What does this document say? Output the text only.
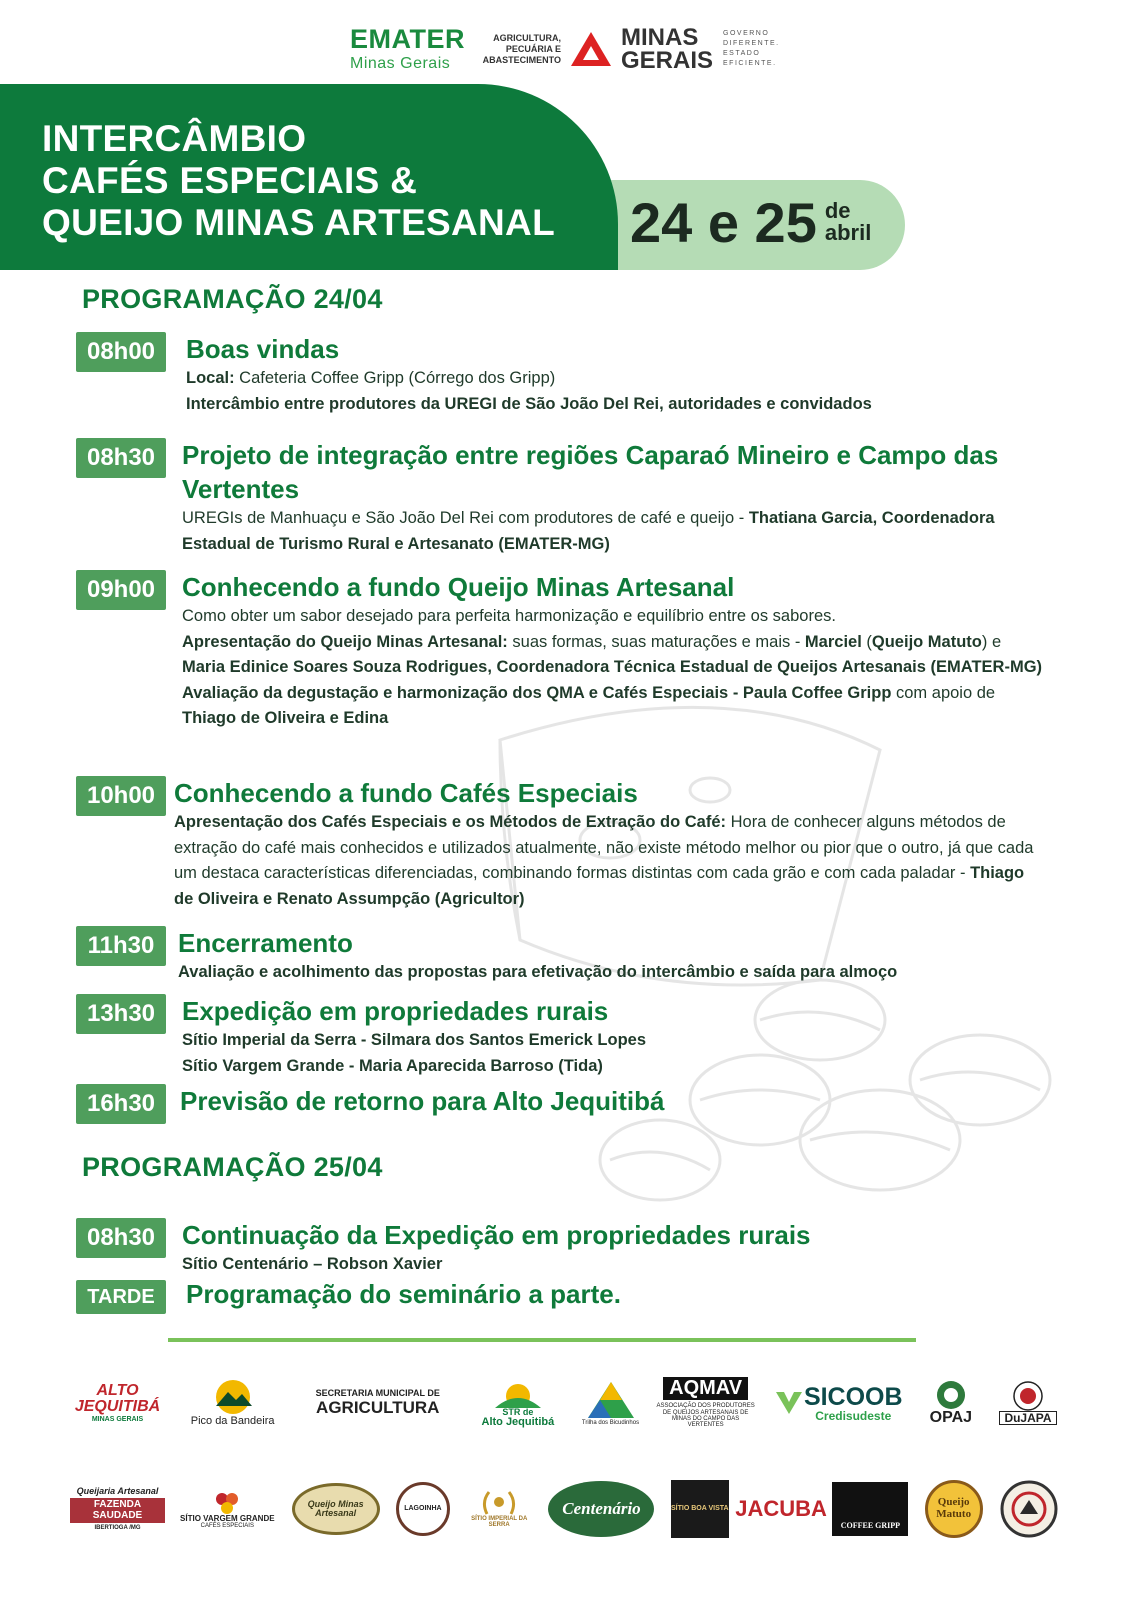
EMATER
Minas Gerais
AGRICULTURA,
PECUÁRIA E
ABASTECIMENTO
MINAS
GERAIS
GOVERNO
DIFERENTE.
ESTADO
EFICIENTE.
24 e 25 de
abril
INTERCÂMBIO
CAFÉS ESPECIAIS &
QUEIJO MINAS ARTESANAL
PROGRAMAÇÃO 24/04
08h00	Boas vindas
Local: Cafeteria Coffee Gripp (Córrego dos Gripp)
Intercâmbio entre produtores da UREGI de São João Del Rei, autoridades e convidados
08h30	Projeto de integração entre regiões Caparaó Mineiro e Campo das Vertentes
UREGIs de Manhuaçu e São João Del Rei com produtores de café e queijo - Thatiana Garcia, Coordenadora Estadual de Turismo Rural e Artesanato (EMATER-MG)
09h00	Conhecendo a fundo Queijo Minas Artesanal
Como obter um sabor desejado para perfeita harmonização e equilíbrio entre os sabores.
Apresentação do Queijo Minas Artesanal: suas formas, suas maturações e mais - Marciel (Queijo Matuto) e Maria Edinice Soares Souza Rodrigues, Coordenadora Técnica Estadual de Queijos Artesanais (EMATER-MG)
Avaliação da degustação e harmonização dos QMA e Cafés Especiais - Paula Coffee Gripp com apoio de Thiago de Oliveira e Edina
10h00 Conhecendo a fundo Cafés Especiais
Apresentação dos Cafés Especiais e os Métodos de Extração do Café: Hora de conhecer alguns métodos de extração do café mais conhecidos e utilizados atualmente, não existe método melhor ou pior que o outro, já que cada um destaca características diferenciadas, combinando formas distintas com cada grão e com cada paladar - Thiago de Oliveira e Renato Assumpção (Agricultor)
11h30 Encerramento
Avaliação e acolhimento das propostas para efetivação do intercâmbio e saída para almoço
13h30	Expedição em propriedades rurais
Sítio Imperial da Serra - Silmara dos Santos Emerick Lopes
Sítio Vargem Grande - Maria Aparecida Barroso (Tida)
16h30 Previsão de retorno para Alto Jequitibá
PROGRAMAÇÃO 25/04
08h30	Continuação da Expedição em propriedades rurais
Sítio Centenário – Robson Xavier
TARDE	Programação do seminário a parte.
ALTO JEQUITIBÁ
MINAS GERAIS	Pico da Bandeira
SECRETARIA MUNICIPAL DE
AGRICULTURA	STR de
Alto Jequitibá	Trilha dos Bicudinhos
AQMAV
ASSOCIAÇÃO DOS PRODUTORES DE QUEIJOS ARTESANAIS DE MINAS DO CAMPO DAS VERTENTES
SICOOB
Credisudeste	OPAJ	DuJAPA
Queijaria Artesanal
FAZENDA SAUDADE
IBERTIOGA /MG
SÍTIO VARGEM GRANDE
CAFÉS ESPECIAIS
Queijo Minas Artesanal	LAGOINHA
SÍTIO IMPERIAL DA SERRA
Centenário	SÍTIO BOA VISTA JACUBA
COFFEE GRIPP
Queijo Matuto
